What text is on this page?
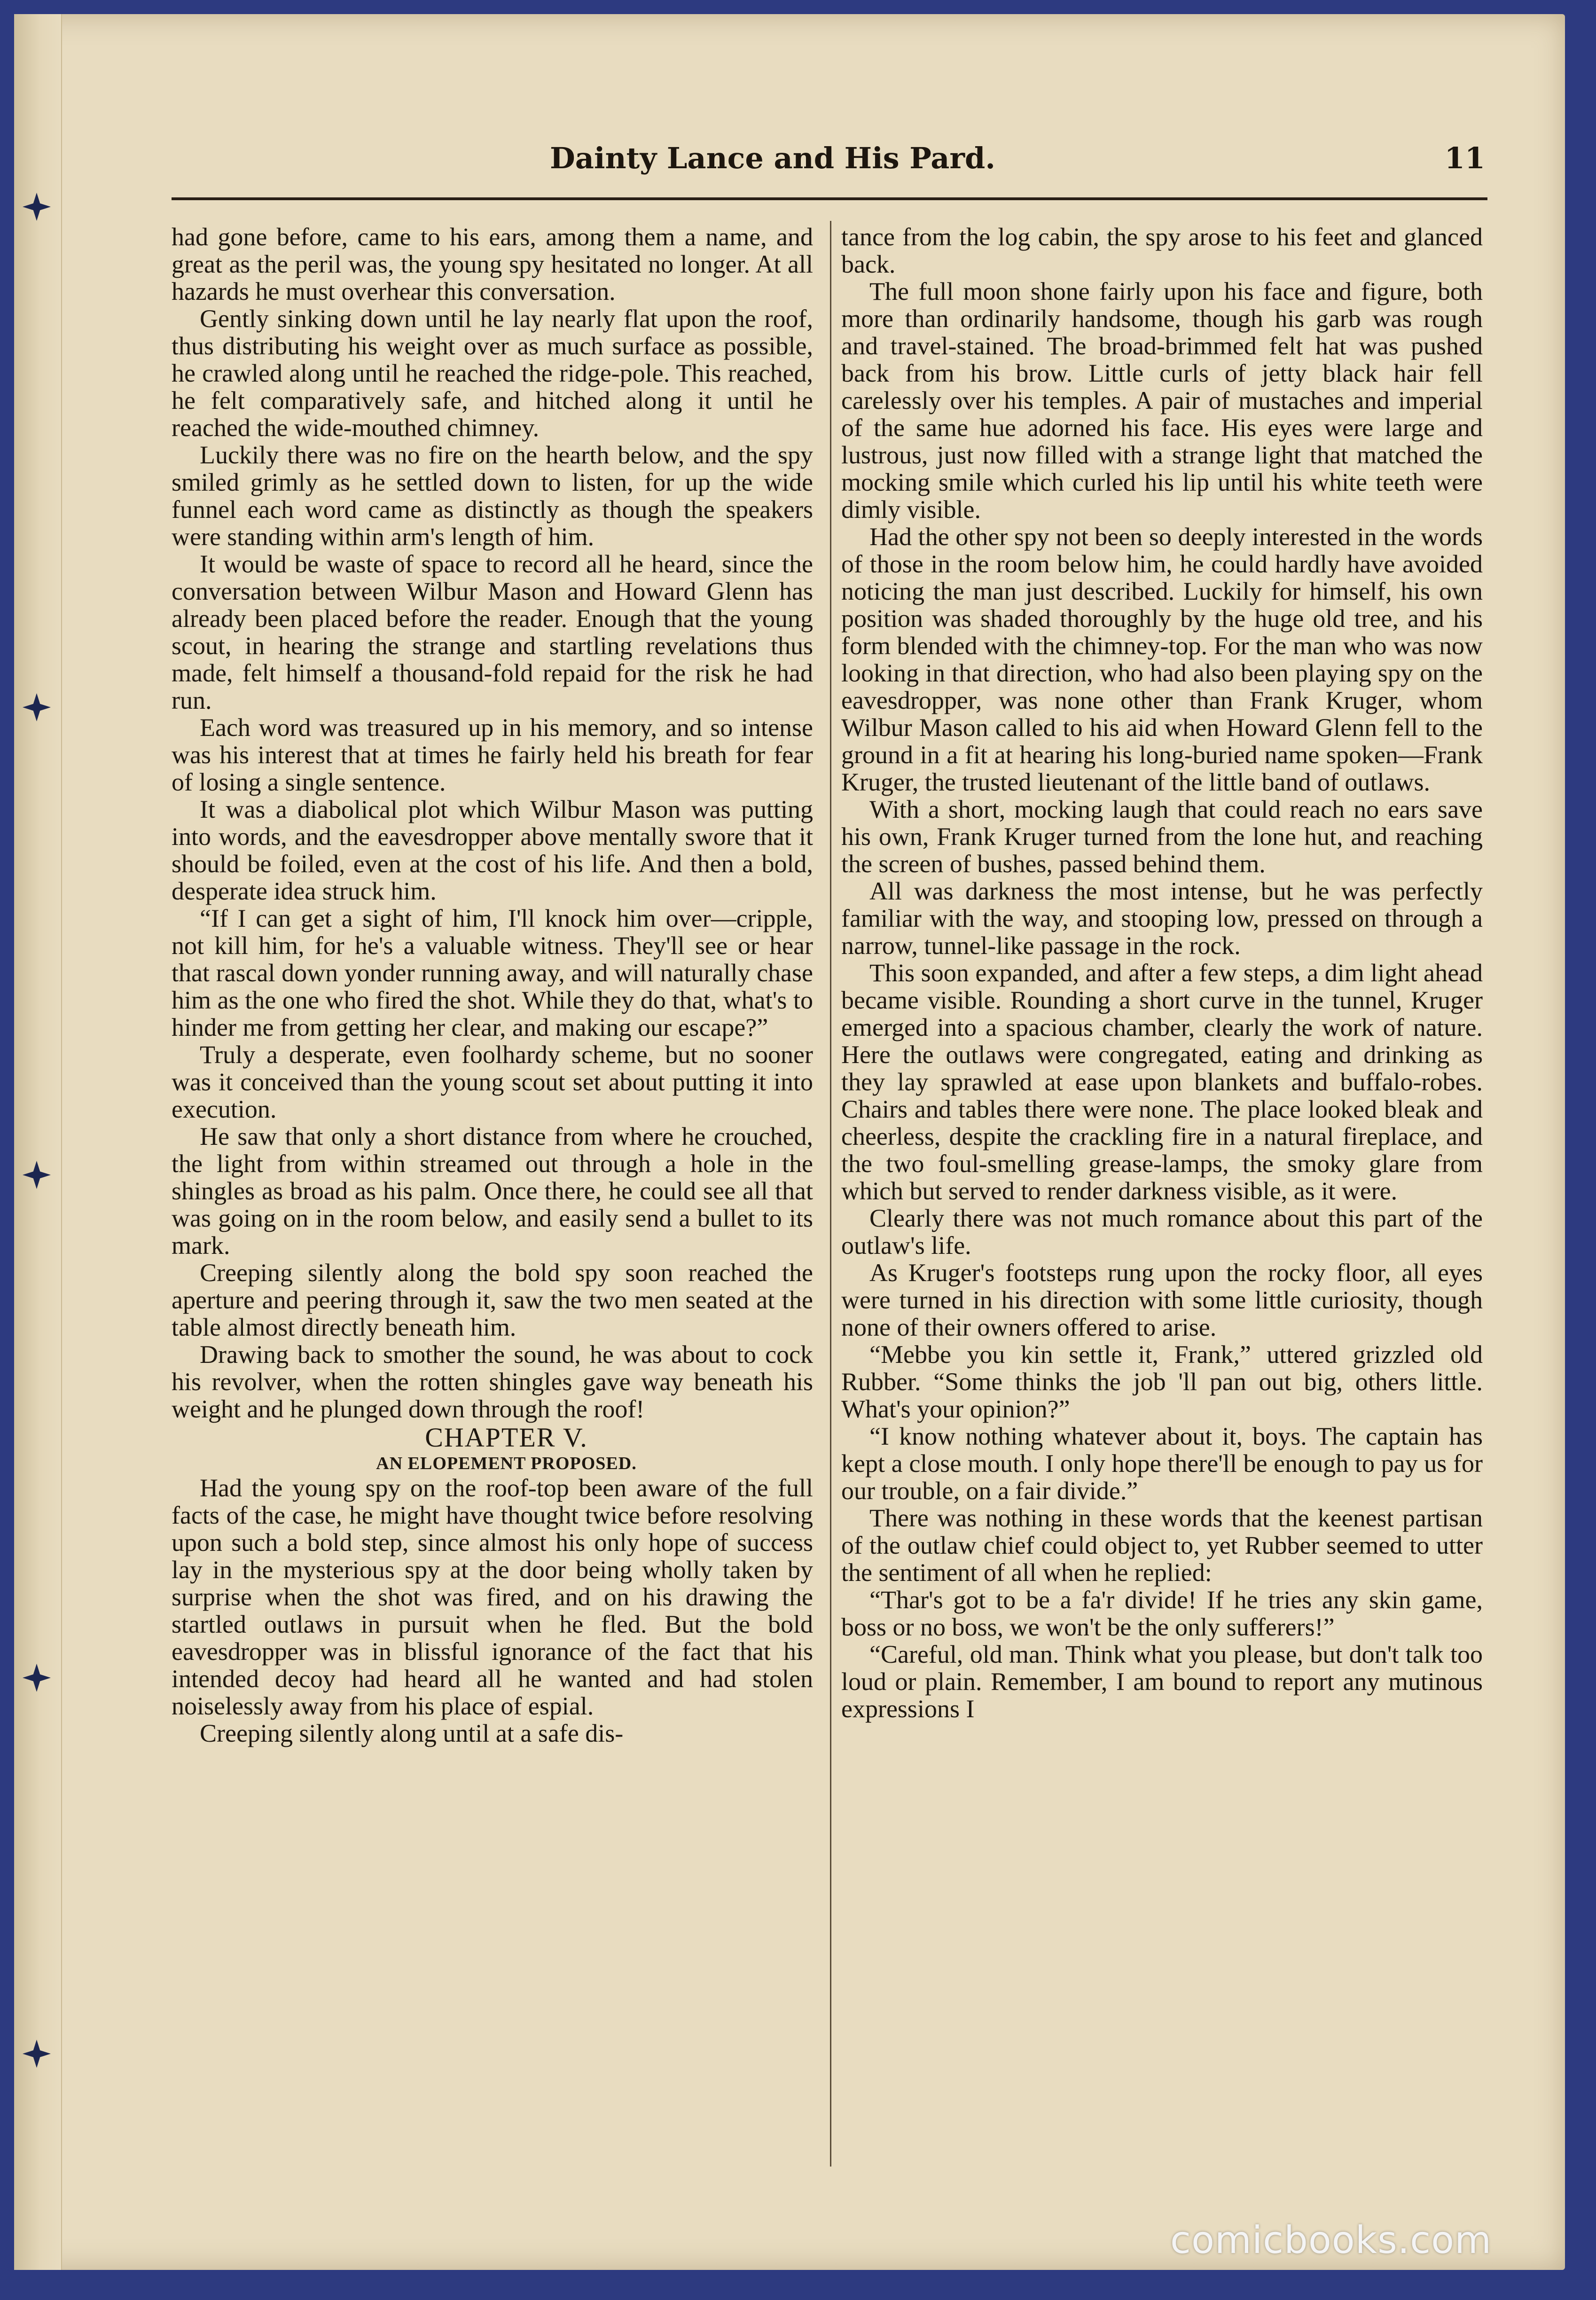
Dainty Lance and His Pard.	11

had gone before, came to his ears, among them a name, and great as the peril was, the young spy hesitated no longer. At all hazards he must overhear this conversation.

Gently sinking down until he lay nearly flat upon the roof, thus distributing his weight over as much surface as possible, he crawled along until he reached the ridge-pole. This reached, he felt comparatively safe, and hitched along it until he reached the wide-mouthed chimney.

Luckily there was no fire on the hearth below, and the spy smiled grimly as he settled down to listen, for up the wide funnel each word came as distinctly as though the speakers were standing within arm's length of him.

It would be waste of space to record all he heard, since the conversation between Wilbur Mason and Howard Glenn has already been placed before the reader. Enough that the young scout, in hearing the strange and startling revelations thus made, felt himself a thousand-fold repaid for the risk he had run.

Each word was treasured up in his memory, and so intense was his interest that at times he fairly held his breath for fear of losing a single sentence.

It was a diabolical plot which Wilbur Mason was putting into words, and the eavesdropper above mentally swore that it should be foiled, even at the cost of his life. And then a bold, desperate idea struck him.

“If I can get a sight of him, I'll knock him over—cripple, not kill him, for he's a valuable witness. They'll see or hear that rascal down yonder running away, and will naturally chase him as the one who fired the shot. While they do that, what's to hinder me from getting her clear, and making our escape?”

Truly a desperate, even foolhardy scheme, but no sooner was it conceived than the young scout set about putting it into execution.

He saw that only a short distance from where he crouched, the light from within streamed out through a hole in the shingles as broad as his palm. Once there, he could see all that was going on in the room below, and easily send a bullet to its mark.

Creeping silently along the bold spy soon reached the aperture and peering through it, saw the two men seated at the table almost directly beneath him.

Drawing back to smother the sound, he was about to cock his revolver, when the rotten shingles gave way beneath his weight and he plunged down through the roof!

CHAPTER V.

AN ELOPEMENT PROPOSED.

Had the young spy on the roof-top been aware of the full facts of the case, he might have thought twice before resolving upon such a bold step, since almost his only hope of success lay in the mysterious spy at the door being wholly taken by surprise when the shot was fired, and on his drawing the startled outlaws in pursuit when he fled. But the bold eavesdropper was in blissful ignorance of the fact that his intended decoy had heard all he wanted and had stolen noiselessly away from his place of espial.

Creeping silently along until at a safe dis-

tance from the log cabin, the spy arose to his feet and glanced back.

The full moon shone fairly upon his face and figure, both more than ordinarily handsome, though his garb was rough and travel-stained. The broad-brimmed felt hat was pushed back from his brow. Little curls of jetty black hair fell carelessly over his temples. A pair of mustaches and imperial of the same hue adorned his face. His eyes were large and lustrous, just now filled with a strange light that matched the mocking smile which curled his lip until his white teeth were dimly visible.

Had the other spy not been so deeply interested in the words of those in the room below him, he could hardly have avoided noticing the man just described. Luckily for himself, his own position was shaded thoroughly by the huge old tree, and his form blended with the chimney-top. For the man who was now looking in that direction, who had also been playing spy on the eavesdropper, was none other than Frank Kruger, whom Wilbur Mason called to his aid when Howard Glenn fell to the ground in a fit at hearing his long-buried name spoken—Frank Kruger, the trusted lieutenant of the little band of outlaws.

With a short, mocking laugh that could reach no ears save his own, Frank Kruger turned from the lone hut, and reaching the screen of bushes, passed behind them.

All was darkness the most intense, but he was perfectly familiar with the way, and stooping low, pressed on through a narrow, tunnel-like passage in the rock.

This soon expanded, and after a few steps, a dim light ahead became visible. Rounding a short curve in the tunnel, Kruger emerged into a spacious chamber, clearly the work of nature. Here the outlaws were congregated, eating and drinking as they lay sprawled at ease upon blankets and buffalo-robes. Chairs and tables there were none. The place looked bleak and cheerless, despite the crackling fire in a natural fireplace, and the two foul-smelling grease-lamps, the smoky glare from which but served to render darkness visible, as it were.

Clearly there was not much romance about this part of the outlaw's life.

As Kruger's footsteps rung upon the rocky floor, all eyes were turned in his direction with some little curiosity, though none of their owners offered to arise.

“Mebbe you kin settle it, Frank,” uttered grizzled old Rubber. “Some thinks the job 'll pan out big, others little. What's your opinion?”

“I know nothing whatever about it, boys. The captain has kept a close mouth. I only hope there'll be enough to pay us for our trouble, on a fair divide.”

There was nothing in these words that the keenest partisan of the outlaw chief could object to, yet Rubber seemed to utter the sentiment of all when he replied:

“Thar's got to be a fa'r divide! If he tries any skin game, boss or no boss, we won't be the only sufferers!”

“Careful, old man. Think what you please, but don't talk too loud or plain. Remember, I am bound to report any mutinous expressions I

comicbooks.com
